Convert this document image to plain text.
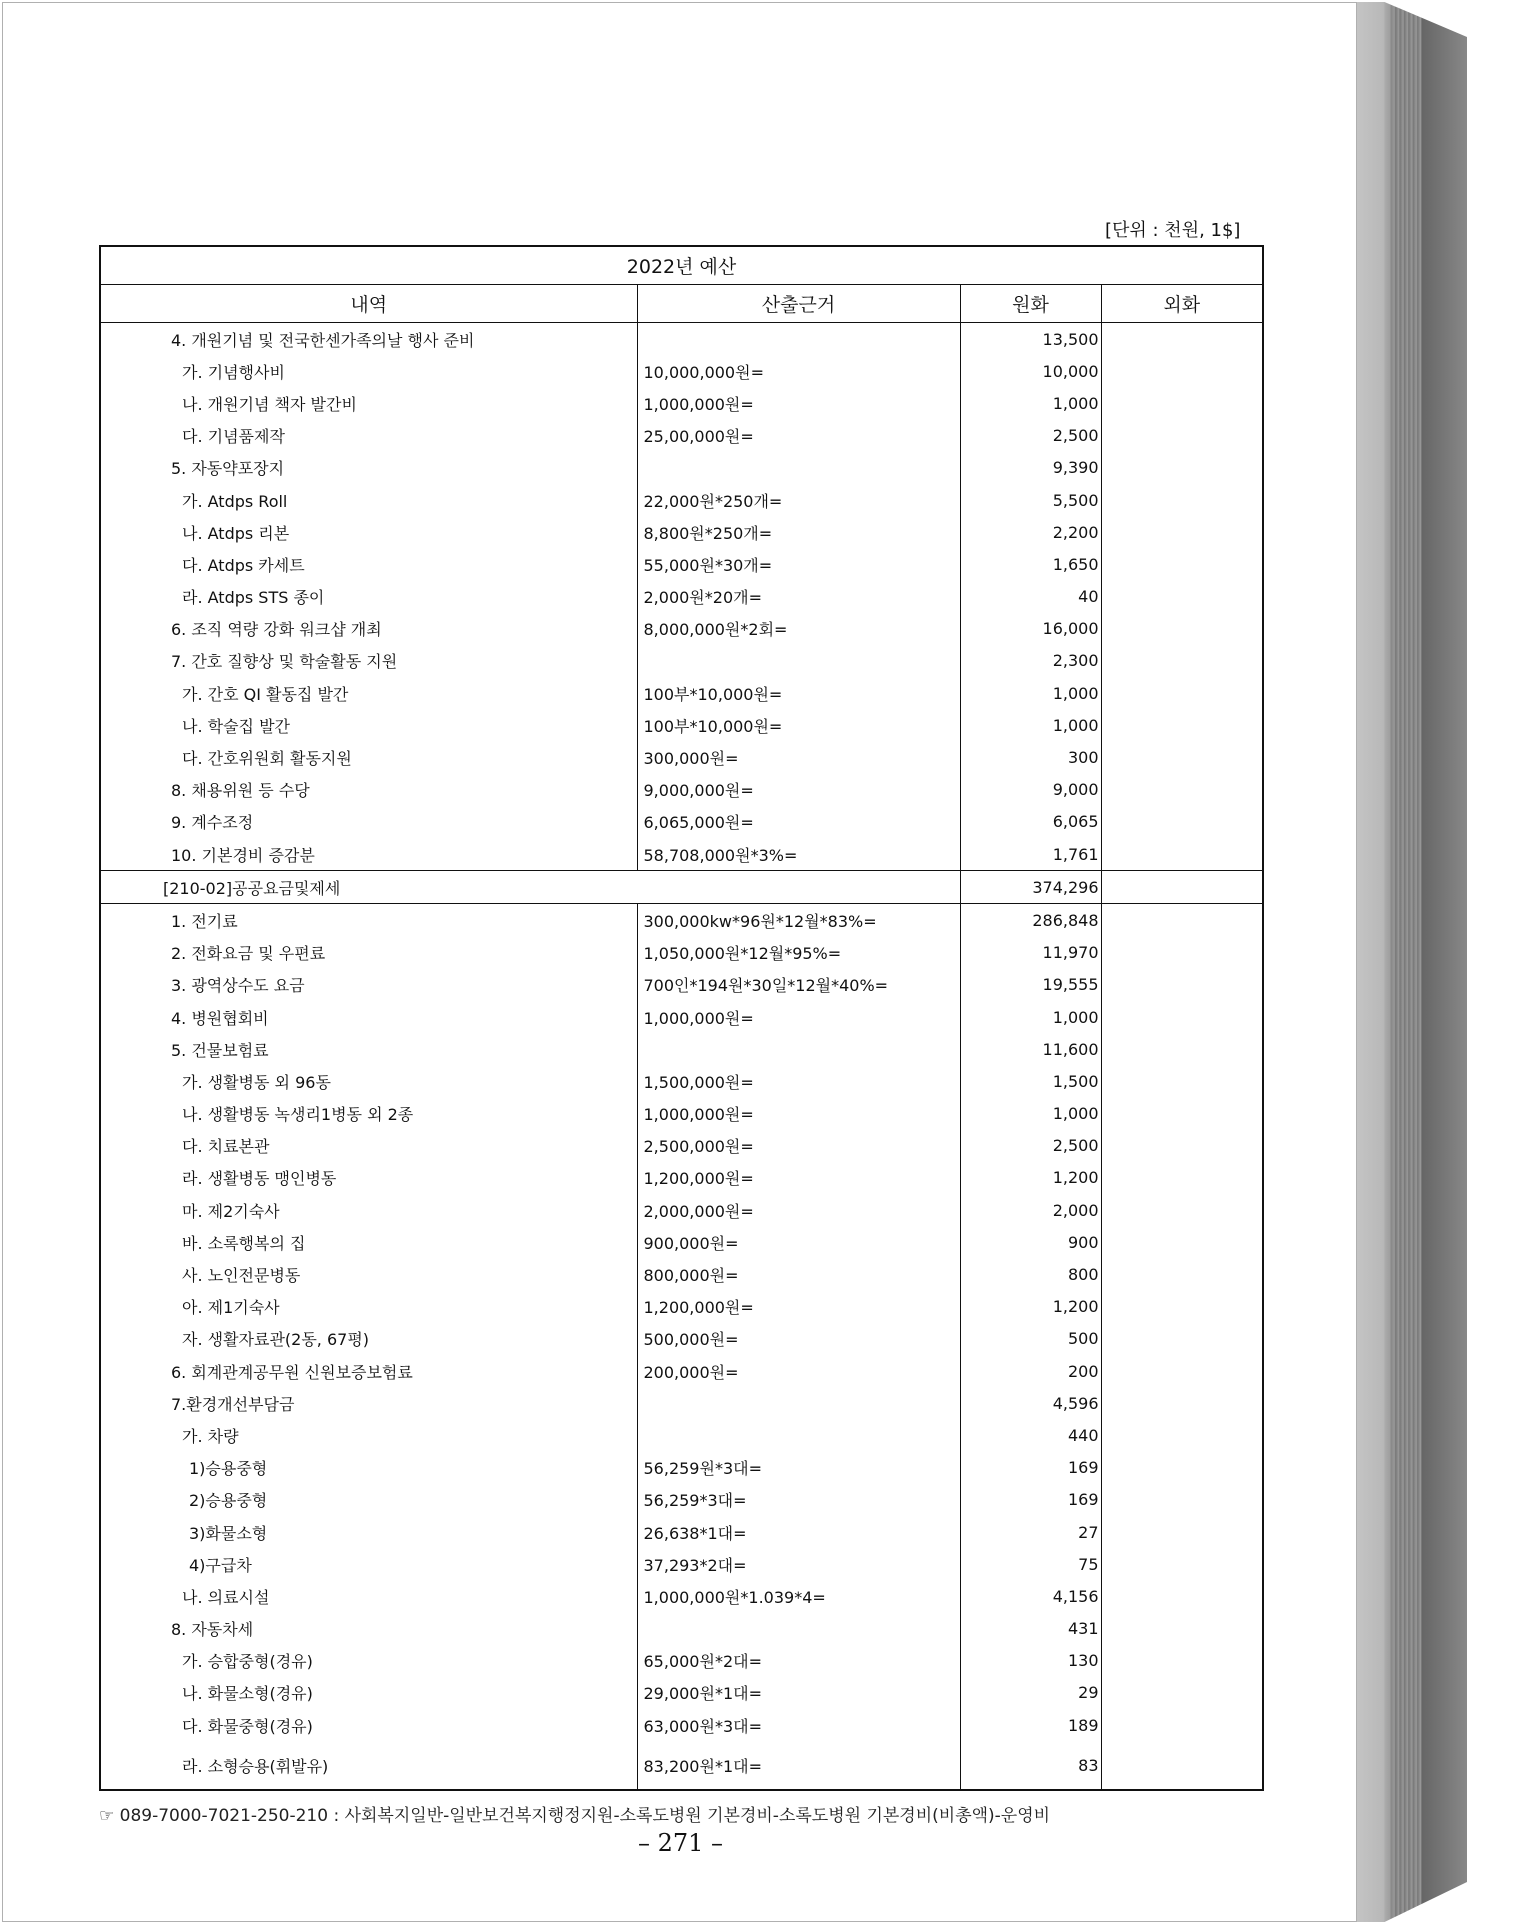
[단위 : 천원, 1$]
2022년 예산			
내역	산출근거	원화	외화
4. 개원기념 및 전국한센가족의날 행사 준비		13,500	
가. 기념행사비	10,000,000원=	10,000	
나. 개원기념 책자 발간비	1,000,000원=	1,000	
다. 기념품제작	25,00,000원=	2,500	
5. 자동약포장지		9,390	
가. Atdps Roll	22,000원*250개=	5,500	
나. Atdps 리본	8,800원*250개=	2,200	
다. Atdps 카세트	55,000원*30개=	1,650	
라. Atdps STS 종이	2,000원*20개=	40	
6. 조직 역량 강화 워크샵 개최	8,000,000원*2회=	16,000	
7. 간호 질향상 및 학술활동 지원		2,300	
가. 간호 QI 활동집 발간	100부*10,000원=	1,000	
나. 학술집 발간	100부*10,000원=	1,000	
다. 간호위원회 활동지원	300,000원=	300	
8. 채용위원 등 수당	9,000,000원=	9,000	
9. 계수조정	6,065,000원=	6,065	
10. 기본경비 증감분	58,708,000원*3%=	1,761	
[210-02]공공요금및제세		374,296	
1. 전기료	300,000kw*96원*12월*83%=	286,848	
2. 전화요금 및 우편료	1,050,000원*12월*95%=	11,970	
3. 광역상수도 요금	700인*194원*30일*12월*40%=	19,555	
4. 병원협회비	1,000,000원=	1,000	
5. 건물보험료		11,600	
가. 생활병동 외 96동	1,500,000원=	1,500	
나. 생활병동 녹생리1병동 외 2종	1,000,000원=	1,000	
다. 치료본관	2,500,000원=	2,500	
라. 생활병동 맹인병동	1,200,000원=	1,200	
마. 제2기숙사	2,000,000원=	2,000	
바. 소록행복의 집	900,000원=	900	
사. 노인전문병동	800,000원=	800	
아. 제1기숙사	1,200,000원=	1,200	
자. 생활자료관(2동, 67평)	500,000원=	500	
6. 회계관계공무원 신원보증보험료	200,000원=	200	
7.환경개선부담금		4,596	
가. 차량		440	
1)승용중형	56,259원*3대=	169	
2)승용중형	56,259*3대=	169	
3)화물소형	26,638*1대=	27	
4)구급차	37,293*2대=	75	
나. 의료시설	1,000,000원*1.039*4=	4,156	
8. 자동차세		431	
가. 승합중형(경유)	65,000원*2대=	130	
나. 화물소형(경유)	29,000원*1대=	29	
다. 화물중형(경유)	63,000원*3대=	189	
라. 소형승용(휘발유)	83,200원*1대=	83	
☞ 089-7000-7021-250-210 : 사회복지일반-일반보건복지행정지원-소록도병원 기본경비-소록도병원 기본경비(비총액)-운영비
– 271 –
